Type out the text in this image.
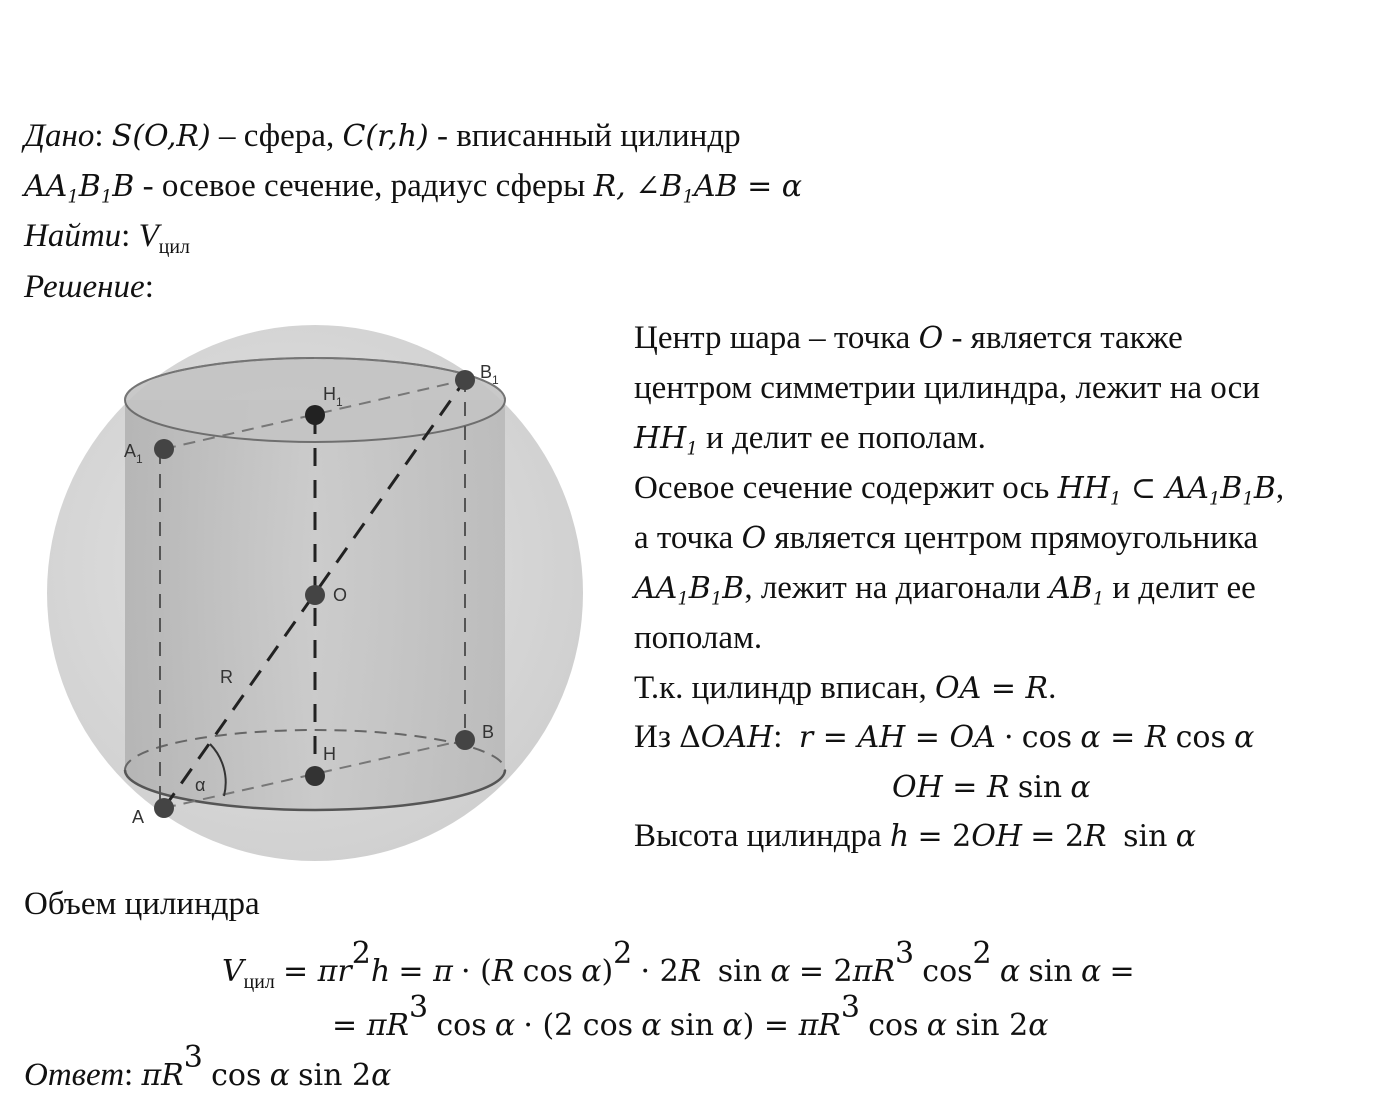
Дано: S(O,R) – сфера, C(r,h) - вписанный цилиндр
$AA_1B_1B$ - осевое сечение, радиус сферы R, $\angle B_1AB = \alpha$
Найти: $V_{цил}$
Решение:
$H_1$
$B_1$
$A_1$
O
R
H
B
A
α
Центр шара – точка O - является также
центром симметрии цилиндра, лежит на оси
$HH_1$ и делит ее пополам.
Осевое сечение содержит ось $HH_1$ ⊂ $AA_1B_1B$,
а точка O является центром прямоугольника
$AA_1B_1B$, лежит на диагонали $AB_1$ и делит ее
пополам.
Т.к. цилиндр вписан, OA = R.
Из ΔOAH:  r = AH = OA · cos α = R cos α
OH = R sin α
Высота цилиндра h = 2OH = 2R sin α
Объем цилиндра
$V_{цил} = \pi r^2h = \pi \cdot (R$ cos α)$^2$ · 2R $\sin \alpha = 2\pi R^3$ $\cos^2 \alpha$ sin α =
= $\pi R^3$ cos α · (2 cos α $\sin \alpha) = \pi R^3$ cos α sin 2α
Ответ: $\pi R^3$ cos α sin 2α
